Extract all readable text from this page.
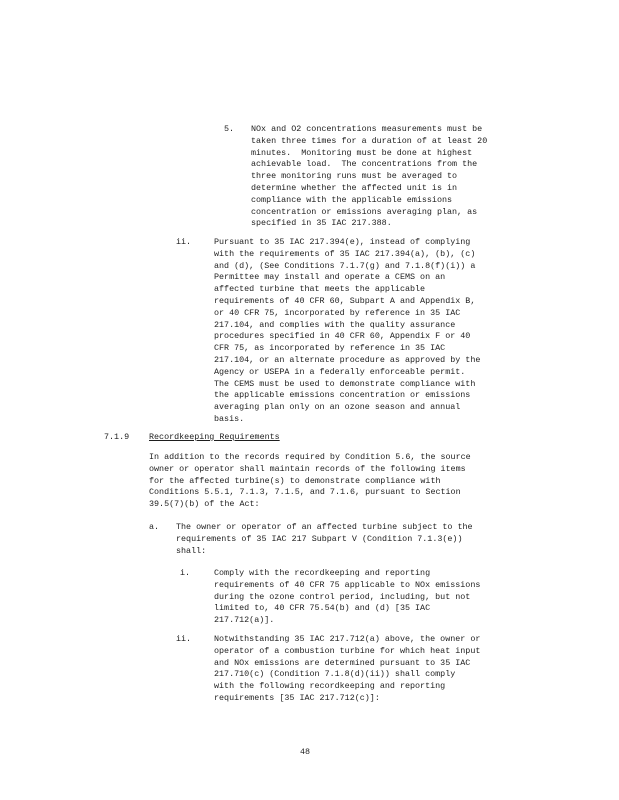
5. NOx and O2 concentrations measurements must be
taken three times for a duration of at least 20
minutes.  Monitoring must be done at highest
achievable load.  The concentrations from the
three monitoring runs must be averaged to
determine whether the affected unit is in
compliance with the applicable emissions
concentration or emissions averaging plan, as
specified in 35 IAC 217.388.
ii.	Pursuant to 35 IAC 217.394(e), instead of complying
with the requirements of 35 IAC 217.394(a), (b), (c)
and (d), (See Conditions 7.1.7(g) and 7.1.8(f)(i)) a
Permittee may install and operate a CEMS on an
affected turbine that meets the applicable
requirements of 40 CFR 60, Subpart A and Appendix B,
or 40 CFR 75, incorporated by reference in 35 IAC
217.104, and complies with the quality assurance
procedures specified in 40 CFR 60, Appendix F or 40
CFR 75, as incorporated by reference in 35 IAC
217.104, or an alternate procedure as approved by the
Agency or USEPA in a federally enforceable permit.
The CEMS must be used to demonstrate compliance with
the applicable emissions concentration or emissions
averaging plan only on an ozone season and annual
basis.
7.1.9 Recordkeeping Requirements
In addition to the records required by Condition 5.6, the source
owner or operator shall maintain records of the following items
for the affected turbine(s) to demonstrate compliance with
Conditions 5.5.1, 7.1.3, 7.1.5, and 7.1.6, pursuant to Section
39.5(7)(b) of the Act:
a. The owner or operator of an affected turbine subject to the
requirements of 35 IAC 217 Subpart V (Condition 7.1.3(e))
shall:
i.	Comply with the recordkeeping and reporting
requirements of 40 CFR 75 applicable to NOx emissions
during the ozone control period, including, but not
limited to, 40 CFR 75.54(b) and (d) [35 IAC
217.712(a)].
ii.	Notwithstanding 35 IAC 217.712(a) above, the owner or
operator of a combustion turbine for which heat input
and NOx emissions are determined pursuant to 35 IAC
217.710(c) (Condition 7.1.8(d)(ii)) shall comply
with the following recordkeeping and reporting
requirements [35 IAC 217.712(c)]:
48
